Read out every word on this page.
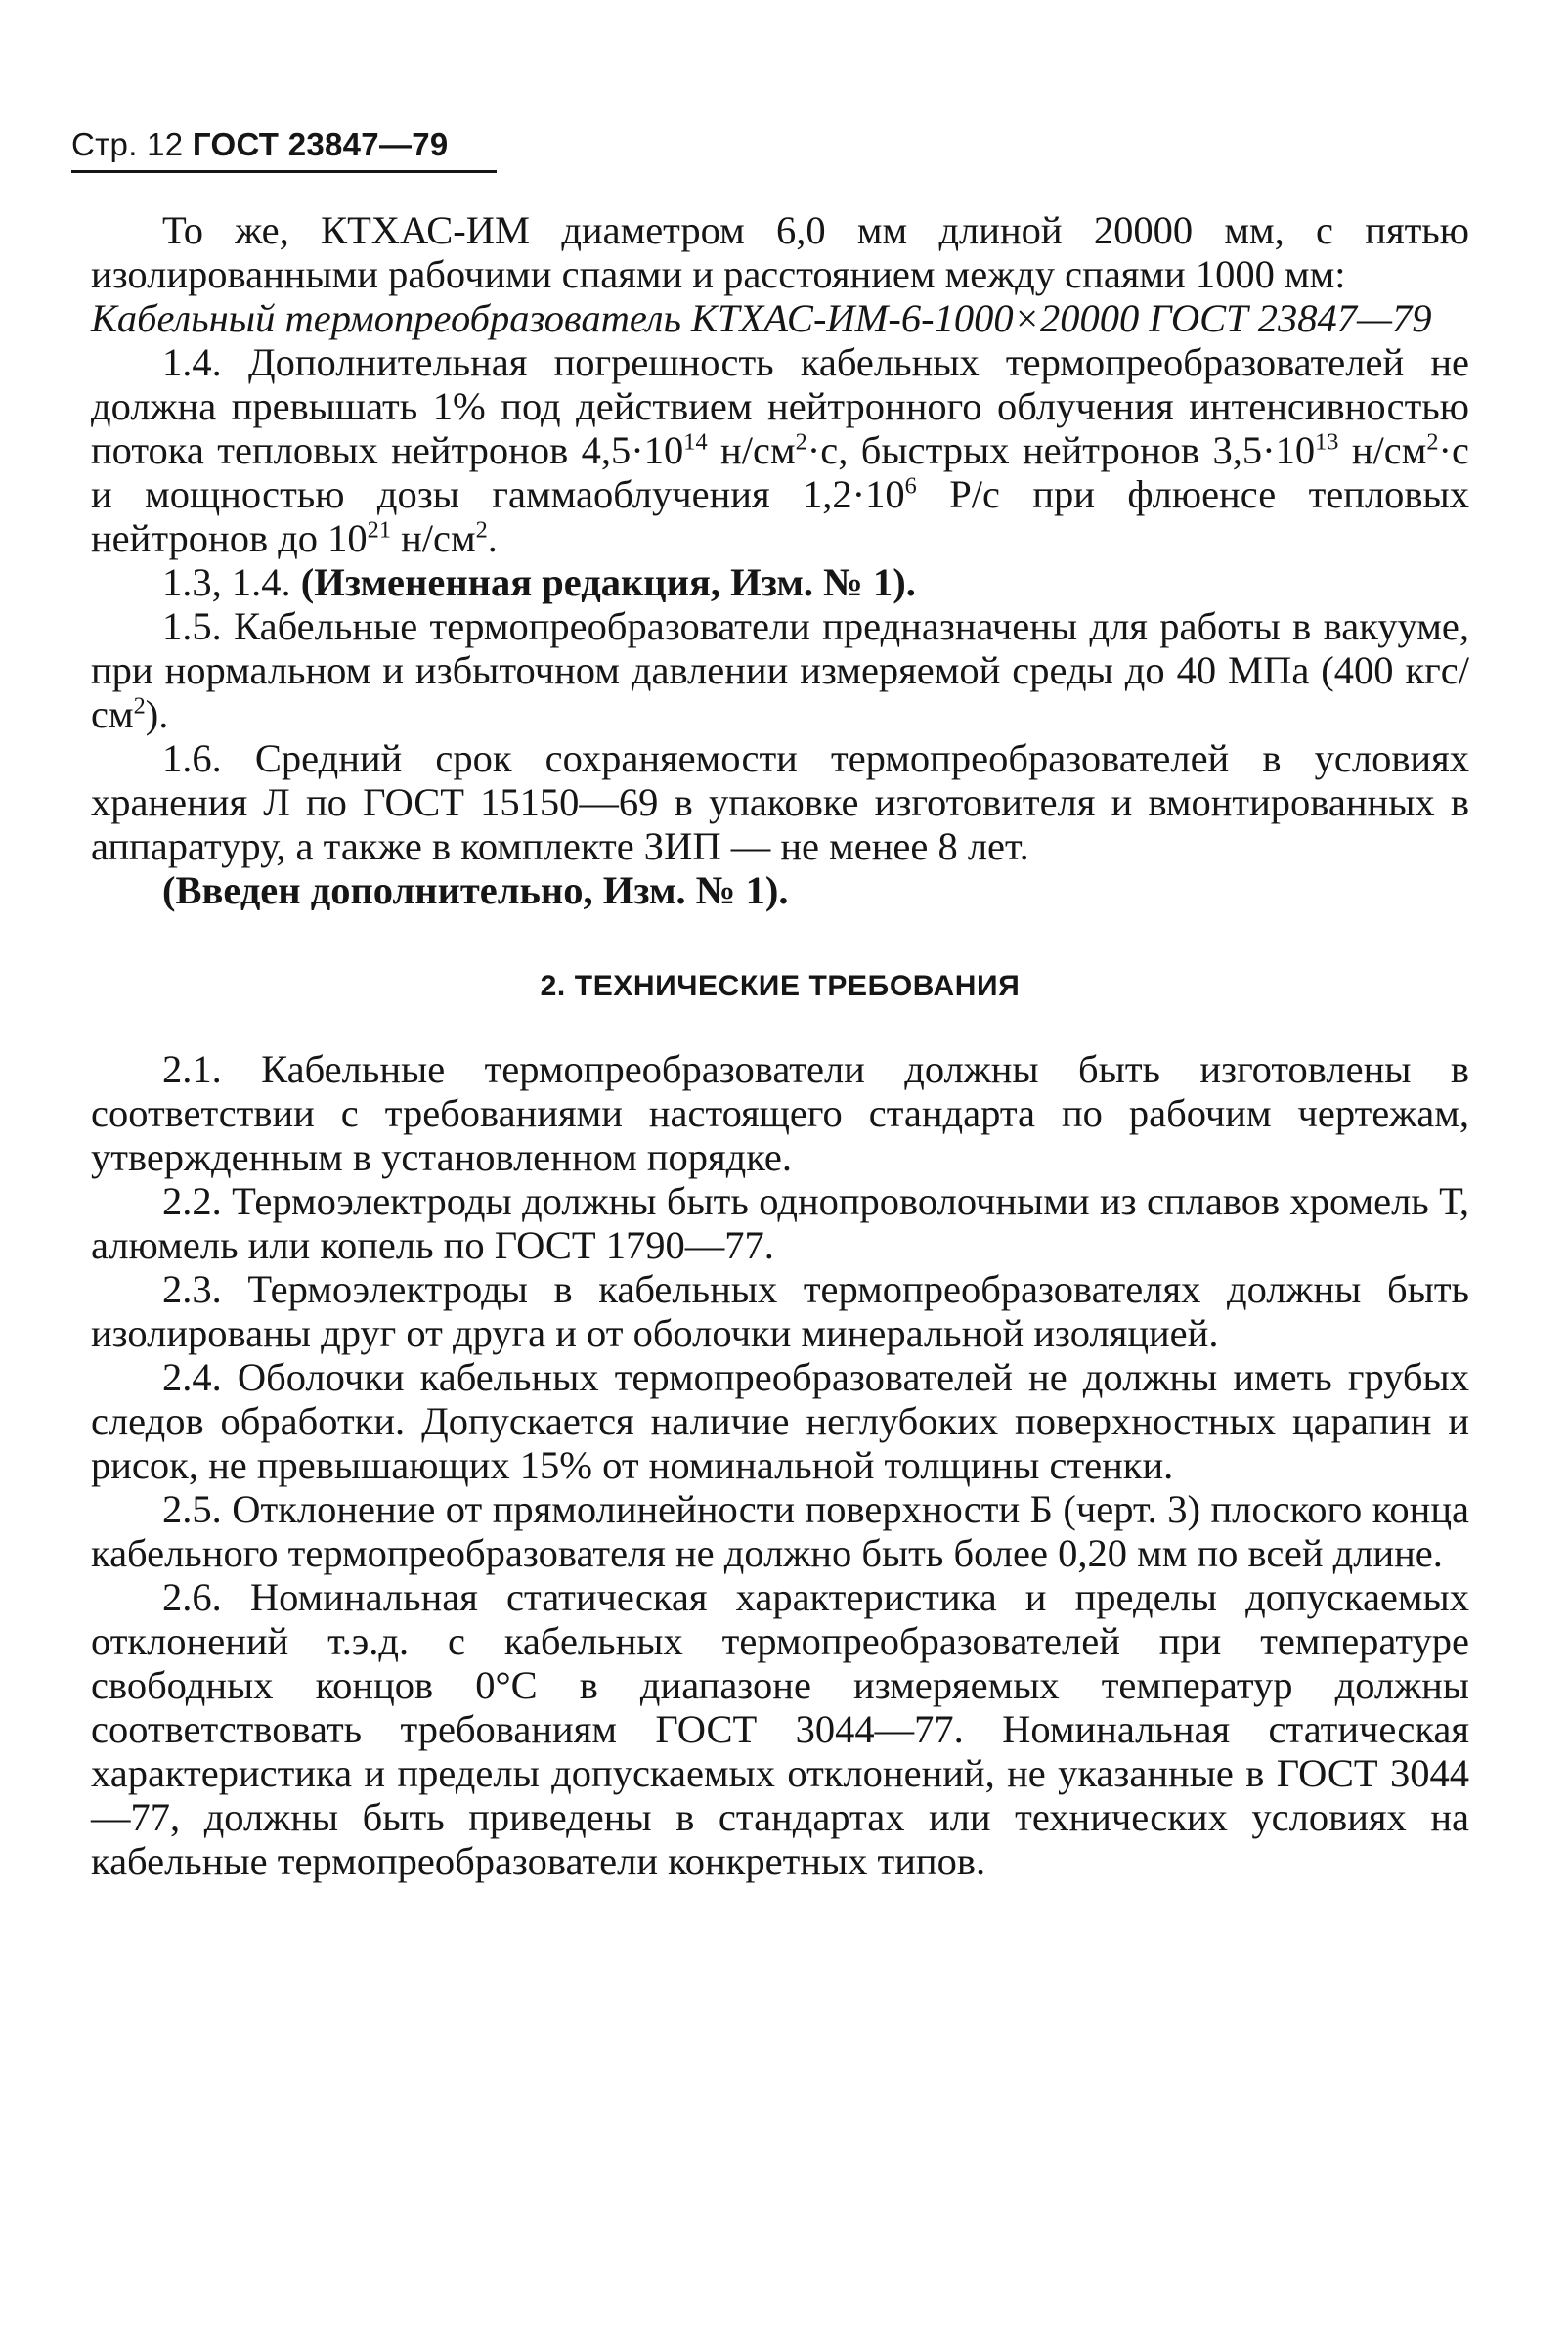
Стр. 12 ГОСТ 23847—79

То же, КТХАС-ИМ диаметром 6,0 мм длиной 20000 мм, с пятью изолированными рабочими спаями и расстоянием между спаями 1000 мм:

Кабельный термопреобразователь КТХАС-ИМ-6-1000×20000 ГОСТ 23847—79

1.4. Дополнительная погрешность кабельных термопреобразователей не должна превышать 1% под действием нейтронного облучения интенсивностью потока тепловых нейтронов $4,5\cdot 10^{14}$ $н/см^2\cdot с$, быстрых нейтронов $3,5\cdot 10^{13}$ $н/см^2\cdot с$ и мощностью дозы гаммаоблучения $1,2\cdot 10^6$ Р/с при флюенсе тепловых нейтронов до $10^{21}$ $н/см^2$.

1.3, 1.4. (Измененная редакция, Изм. № 1).

1.5. Кабельные термопреобразователи предназначены для работы в вакууме, при нормальном и избыточном давлении измеряемой среды до 40 МПа (400 кгс/$см^2$).

1.6. Средний срок сохраняемости термопреобразователей в условиях хранения Л по ГОСТ 15150—69 в упаковке изготовителя и вмонтированных в аппаратуру, а также в комплекте ЗИП — не менее 8 лет.

(Введен дополнительно, Изм. № 1).

2. ТЕХНИЧЕСКИЕ ТРЕБОВАНИЯ

2.1. Кабельные термопреобразователи должны быть изготовлены в соответствии с требованиями настоящего стандарта по рабочим чертежам, утвержденным в установленном порядке.

2.2. Термоэлектроды должны быть однопроволочными из сплавов хромель Т, алюмель или копель по ГОСТ 1790—77.

2.3. Термоэлектроды в кабельных термопреобразователях должны быть изолированы друг от друга и от оболочки минеральной изоляцией.

2.4. Оболочки кабельных термопреобразователей не должны иметь грубых следов обработки. Допускается наличие неглубоких поверхностных царапин и рисок, не превышающих 15% от номинальной толщины стенки.

2.5. Отклонение от прямолинейности поверхности Б (черт. 3) плоского конца кабельного термопреобразователя не должно быть более 0,20 мм по всей длине.

2.6. Номинальная статическая характеристика и пределы допускаемых отклонений т.э.д. с кабельных термопреобразователей при температуре свободных концов 0°С в диапазоне измеряемых температур должны соответствовать требованиям ГОСТ 3044—77. Номинальная статическая характеристика и пределы допускаемых отклонений, не указанные в ГОСТ 3044—77, должны быть приведены в стандартах или технических условиях на кабельные термопреобразователи конкретных типов.
